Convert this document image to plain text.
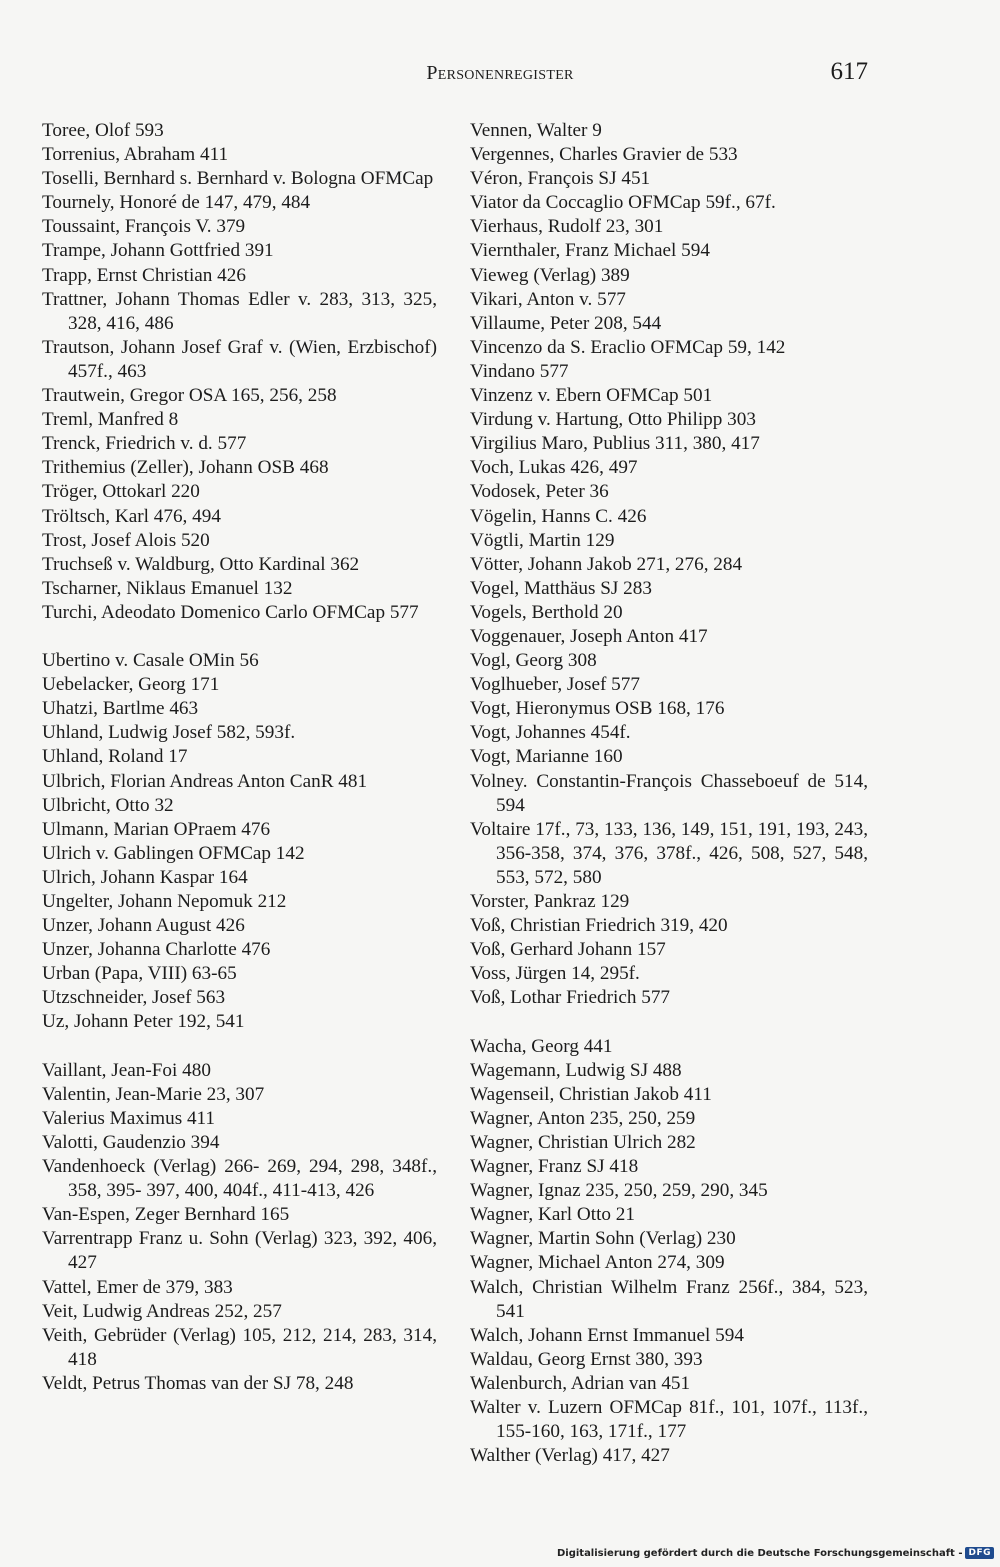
Personenregister	617
Toree, Olof 593
Torrenius, Abraham 411
Toselli, Bernhard s. Bernhard v. Bologna OFMCap
Tournely, Honoré de 147, 479, 484
Toussaint, François V. 379
Trampe, Johann Gottfried 391
Trapp, Ernst Christian 426
Trattner, Johann Thomas Edler v. 283, 313, 325, 328, 416, 486
Trautson, Johann Josef Graf v. (Wien, Erzbischof) 457f., 463
Trautwein, Gregor OSA 165, 256, 258
Treml, Manfred 8
Trenck, Friedrich v. d. 577
Trithemius (Zeller), Johann OSB 468
Tröger, Ottokarl 220
Tröltsch, Karl 476, 494
Trost, Josef Alois 520
Truchseß v. Waldburg, Otto Kardinal 362
Tscharner, Niklaus Emanuel 132
Turchi, Adeodato Domenico Carlo OFMCap 577
Ubertino v. Casale OMin 56
Uebelacker, Georg 171
Uhatzi, Bartlme 463
Uhland, Ludwig Josef 582, 593f.
Uhland, Roland 17
Ulbrich, Florian Andreas Anton CanR 481
Ulbricht, Otto 32
Ulmann, Marian OPraem 476
Ulrich v. Gablingen OFMCap 142
Ulrich, Johann Kaspar 164
Ungelter, Johann Nepomuk 212
Unzer, Johann August 426
Unzer, Johanna Charlotte 476
Urban (Papa, VIII) 63-65
Utzschneider, Josef 563
Uz, Johann Peter 192, 541
Vaillant, Jean-Foi 480
Valentin, Jean-Marie 23, 307
Valerius Maximus 411
Valotti, Gaudenzio 394
Vandenhoeck (Verlag) 266- 269, 294, 298, 348f., 358, 395- 397, 400, 404f., 411-413, 426
Van-Espen, Zeger Bernhard 165
Varrentrapp Franz u. Sohn (Verlag) 323, 392, 406, 427
Vattel, Emer de 379, 383
Veit, Ludwig Andreas 252, 257
Veith, Gebrüder (Verlag) 105, 212, 214, 283, 314, 418
Veldt, Petrus Thomas van der SJ 78, 248
Vennen, Walter 9
Vergennes, Charles Gravier de 533
Véron, François SJ 451
Viator da Coccaglio OFMCap 59f., 67f.
Vierhaus, Rudolf 23, 301
Viernthaler, Franz Michael 594
Vieweg (Verlag) 389
Vikari, Anton v. 577
Villaume, Peter 208, 544
Vincenzo da S. Eraclio OFMCap 59, 142
Vindano 577
Vinzenz v. Ebern OFMCap 501
Virdung v. Hartung, Otto Philipp 303
Virgilius Maro, Publius 311, 380, 417
Voch, Lukas 426, 497
Vodosek, Peter 36
Vögelin, Hanns C. 426
Vögtli, Martin 129
Vötter, Johann Jakob 271, 276, 284
Vogel, Matthäus SJ 283
Vogels, Berthold 20
Voggenauer, Joseph Anton 417
Vogl, Georg 308
Voglhueber, Josef 577
Vogt, Hieronymus OSB 168, 176
Vogt, Johannes 454f.
Vogt, Marianne 160
Volney. Constantin-François Chasseboeuf de 514, 594
Voltaire 17f., 73, 133, 136, 149, 151, 191, 193, 243, 356-358, 374, 376, 378f., 426, 508, 527, 548, 553, 572, 580
Vorster, Pankraz 129
Voß, Christian Friedrich 319, 420
Voß, Gerhard Johann 157
Voss, Jürgen 14, 295f.
Voß, Lothar Friedrich 577
Wacha, Georg 441
Wagemann, Ludwig SJ 488
Wagenseil, Christian Jakob 411
Wagner, Anton 235, 250, 259
Wagner, Christian Ulrich 282
Wagner, Franz SJ 418
Wagner, Ignaz 235, 250, 259, 290, 345
Wagner, Karl Otto 21
Wagner, Martin Sohn (Verlag) 230
Wagner, Michael Anton 274, 309
Walch, Christian Wilhelm Franz 256f., 384, 523, 541
Walch, Johann Ernst Immanuel 594
Waldau, Georg Ernst 380, 393
Walenburch, Adrian van 451
Walter v. Luzern OFMCap 81f., 101, 107f., 113f., 155-160, 163, 171f., 177
Walther (Verlag) 417, 427
Digitalisierung gefördert durch die Deutsche Forschungsgemeinschaft - DFG
